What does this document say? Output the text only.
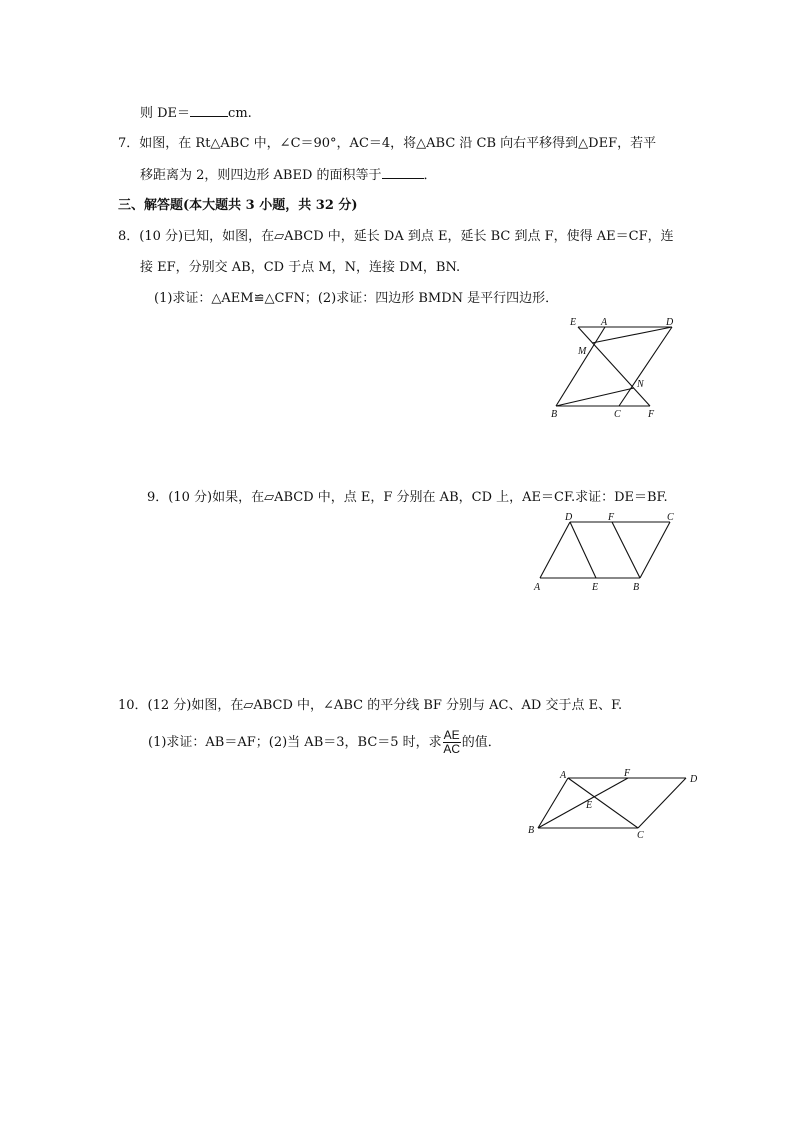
则 DE＝	cm.
7．如图，在 Rt△ABC 中，∠C＝90°，AC＝4，将△ABC 沿 CB 向右平移得到△DEF，若平
移距离为 2，则四边形 ABED 的面积等于	．
三、解答题(本大题共 3 小题，共 32 分)
8．(10 分)已知，如图，在▱ABCD 中，延长 DA 到点 E，延长 BC 到点 F，使得 AE＝CF，连
接 EF，分别交 AB，CD 于点 M，N，连接 DM，BN.
(1)求证：△AEM≌△CFN；(2)求证：四边形 BMDN 是平行四边形．
E A	D
M
N
B	C	F
9．(10 分)如果，在▱ABCD 中，点 E，F 分别在 AB，CD 上，AE＝CF.求证：DE＝BF.
D	F	C
A	E	B
10．(12 分)如图，在▱ABCD 中，∠ABC 的平分线 BF 分别与 AC、AD 交于点 E、F.
(1)求证：AB＝AF；(2)当 AB＝3，BC＝5 时，求 $\frac{AE}{AC}$ 的值．
A	F
D
E
B	C
